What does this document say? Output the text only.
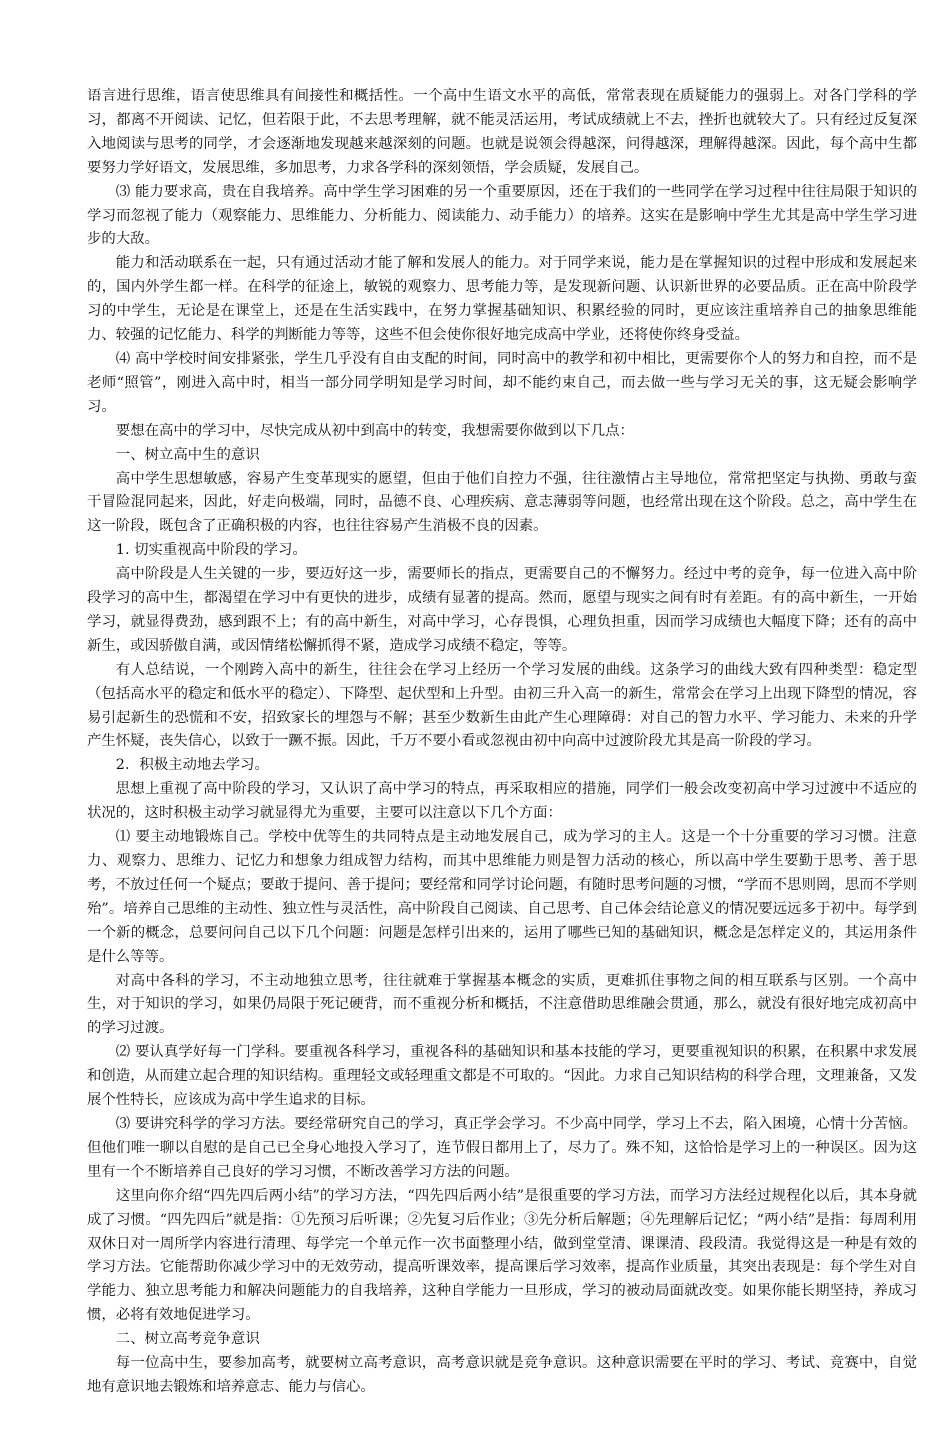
语言进行思维，语言使思维具有间接性和概括性。一个高中生语文水平的高低，常常表现在质疑能力的强弱上。对各门学科的学习，都离不开阅读、记忆，但若限于此，不去思考理解，就不能灵活运用，考试成绩就上不去，挫折也就较大了。只有经过反复深入地阅读与思考的同学，才会逐渐地发现越来越深刻的问题。也就是说领会得越深，问得越深，理解得越深。因此，每个高中生都要努力学好语文，发展思维，多加思考，力求各学科的深刻领悟，学会质疑，发展自己。

⑶ 能力要求高，贵在自我培养。高中学生学习困难的另一个重要原因，还在于我们的一些同学在学习过程中往往局限于知识的学习而忽视了能力（观察能力、思维能力、分析能力、阅读能力、动手能力）的培养。这实在是影响中学生尤其是高中学生学习进步的大敌。

能力和活动联系在一起，只有通过活动才能了解和发展人的能力。对于同学来说，能力是在掌握知识的过程中形成和发展起来的，国内外学生都一样。在科学的征途上，敏锐的观察力、思考能力等，是发现新问题、认识新世界的必要品质。正在高中阶段学习的中学生，无论是在课堂上，还是在生活实践中，在努力掌握基础知识、积累经验的同时，更应该注重培养自己的抽象思维能力、较强的记忆能力、科学的判断能力等等，这些不但会使你很好地完成高中学业，还将使你终身受益。

⑷ 高中学校时间安排紧张，学生几乎没有自由支配的时间，同时高中的教学和初中相比，更需要你个人的努力和自控，而不是老师“照管”，刚进入高中时，相当一部分同学明知是学习时间，却不能约束自己，而去做一些与学习无关的事，这无疑会影响学习。

要想在高中的学习中，尽快完成从初中到高中的转变，我想需要你做到以下几点：

一、树立高中生的意识

高中学生思想敏感，容易产生变革现实的愿望，但由于他们自控力不强，往往激情占主导地位，常常把坚定与执拗、勇敢与蛮干冒险混同起来，因此，好走向极端，同时，品德不良、心理疾病、意志薄弱等问题，也经常出现在这个阶段。总之，高中学生在这一阶段，既包含了正确积极的内容，也往往容易产生消极不良的因素。

1. 切实重视高中阶段的学习。

高中阶段是人生关键的一步，要迈好这一步，需要师长的指点，更需要自己的不懈努力。经过中考的竞争，每一位进入高中阶段学习的高中生，都渴望在学习中有更快的进步，成绩有显著的提高。然而，愿望与现实之间有时有差距。有的高中新生，一开始学习，就显得费劲，感到跟不上；有的高中新生，对高中学习，心存畏惧，心理负担重，因而学习成绩也大幅度下降；还有的高中新生，或因骄傲自满，或因情绪松懈抓得不紧，造成学习成绩不稳定，等等。

有人总结说，一个刚跨入高中的新生，往往会在学习上经历一个学习发展的曲线。这条学习的曲线大致有四种类型：稳定型（包括高水平的稳定和低水平的稳定）、下降型、起伏型和上升型。由初三升入高一的新生，常常会在学习上出现下降型的情况，容易引起新生的恐慌和不安，招致家长的埋怨与不解；甚至少数新生由此产生心理障碍：对自己的智力水平、学习能力、未来的升学产生怀疑，丧失信心，以致于一蹶不振。因此，千万不要小看或忽视由初中向高中过渡阶段尤其是高一阶段的学习。

2．积极主动地去学习。

思想上重视了高中阶段的学习，又认识了高中学习的特点，再采取相应的措施，同学们一般会改变初高中学习过渡中不适应的状况的，这时积极主动学习就显得尤为重要，主要可以注意以下几个方面：

⑴ 要主动地锻炼自己。学校中优等生的共同特点是主动地发展自己，成为学习的主人。这是一个十分重要的学习习惯。注意力、观察力、思维力、记忆力和想象力组成智力结构，而其中思维能力则是智力活动的核心，所以高中学生要勤于思考、善于思考，不放过任何一个疑点；要敢于提问、善于提问；要经常和同学讨论问题，有随时思考问题的习惯，“学而不思则罔，思而不学则殆”。培养自己思维的主动性、独立性与灵活性，高中阶段自己阅读、自己思考、自己体会结论意义的情况要远远多于初中。每学到一个新的概念，总要问问自己以下几个问题：问题是怎样引出来的，运用了哪些已知的基础知识，概念是怎样定义的，其运用条件是什么等等。

对高中各科的学习，不主动地独立思考，往往就难于掌握基本概念的实质，更难抓住事物之间的相互联系与区别。一个高中生，对于知识的学习，如果仍局限于死记硬背，而不重视分析和概括，不注意借助思维融会贯通，那么，就没有很好地完成初高中的学习过渡。

⑵ 要认真学好每一门学科。要重视各科学习，重视各科的基础知识和基本技能的学习，更要重视知识的积累，在积累中求发展和创造，从而建立起合理的知识结构。重理轻文或轻理重文都是不可取的。“因此。力求自己知识结构的科学合理，文理兼备，又发展个性特长，应该成为高中学生追求的目标。

⑶ 要讲究科学的学习方法。要经常研究自己的学习，真正学会学习。不少高中同学，学习上不去，陷入困境，心情十分苦恼。但他们唯一聊以自慰的是自己已全身心地投入学习了，连节假日都用上了，尽力了。殊不知，这恰恰是学习上的一种误区。因为这里有一个不断培养自己良好的学习习惯，不断改善学习方法的问题。

这里向你介绍“四先四后两小结”的学习方法，“四先四后两小结”是很重要的学习方法，而学习方法经过规程化以后，其本身就成了习惯。“四先四后”就是指：①先预习后听课；②先复习后作业；③先分析后解题；④先理解后记忆；“两小结”是指：每周利用双休日对一周所学内容进行清理、每学完一个单元作一次书面整理小结，做到堂堂清、课课清、段段清。我觉得这是一种是有效的学习方法。它能帮助你减少学习中的无效劳动，提高听课效率，提高课后学习效率，提高作业质量，其突出表现是：每个学生对自学能力、独立思考能力和解决问题能力的自我培养，这种自学能力一旦形成，学习的被动局面就改变。如果你能长期坚持，养成习惯，必将有效地促进学习。

二、树立高考竞争意识

每一位高中生，要参加高考，就要树立高考意识，高考意识就是竞争意识。这种意识需要在平时的学习、考试、竞赛中，自觉地有意识地去锻炼和培养意志、能力与信心。
